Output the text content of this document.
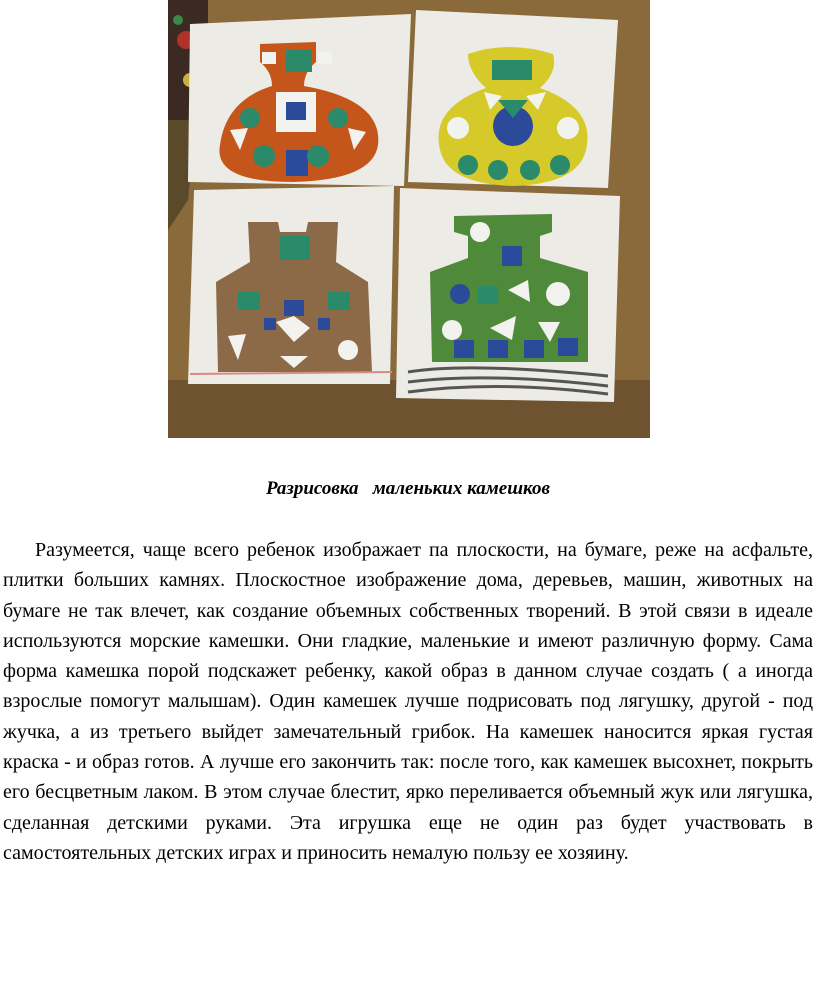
Разрисовка   маленьких камешков

Разумеется, чаще всего ребенок изображает па плоскости, на бумаге, реже на асфальте, плитки больших камнях. Плоскостное изображение дома, деревьев, машин, животных на бумаге не так влечет, как создание объемных собственных творений. В этой связи в идеале используются морские камешки. Они гладкие, маленькие и имеют различную форму. Сама форма камешка порой подскажет ребенку, какой образ в данном случае создать ( а иногда взрослые помогут малышам). Один камешек лучше подрисовать под лягушку, другой - под жучка, а из третьего выйдет замечательный грибок. На камешек наносится яркая густая краска - и образ готов. А лучше его закончить так: после того, как камешек высохнет, покрыть его бесцветным лаком. В этом случае блестит, ярко переливается объемный жук или лягушка, сделанная детскими руками. Эта игрушка еще не один раз будет участвовать в самостоятельных детских играх и приносить немалую пользу ее хозяину.
